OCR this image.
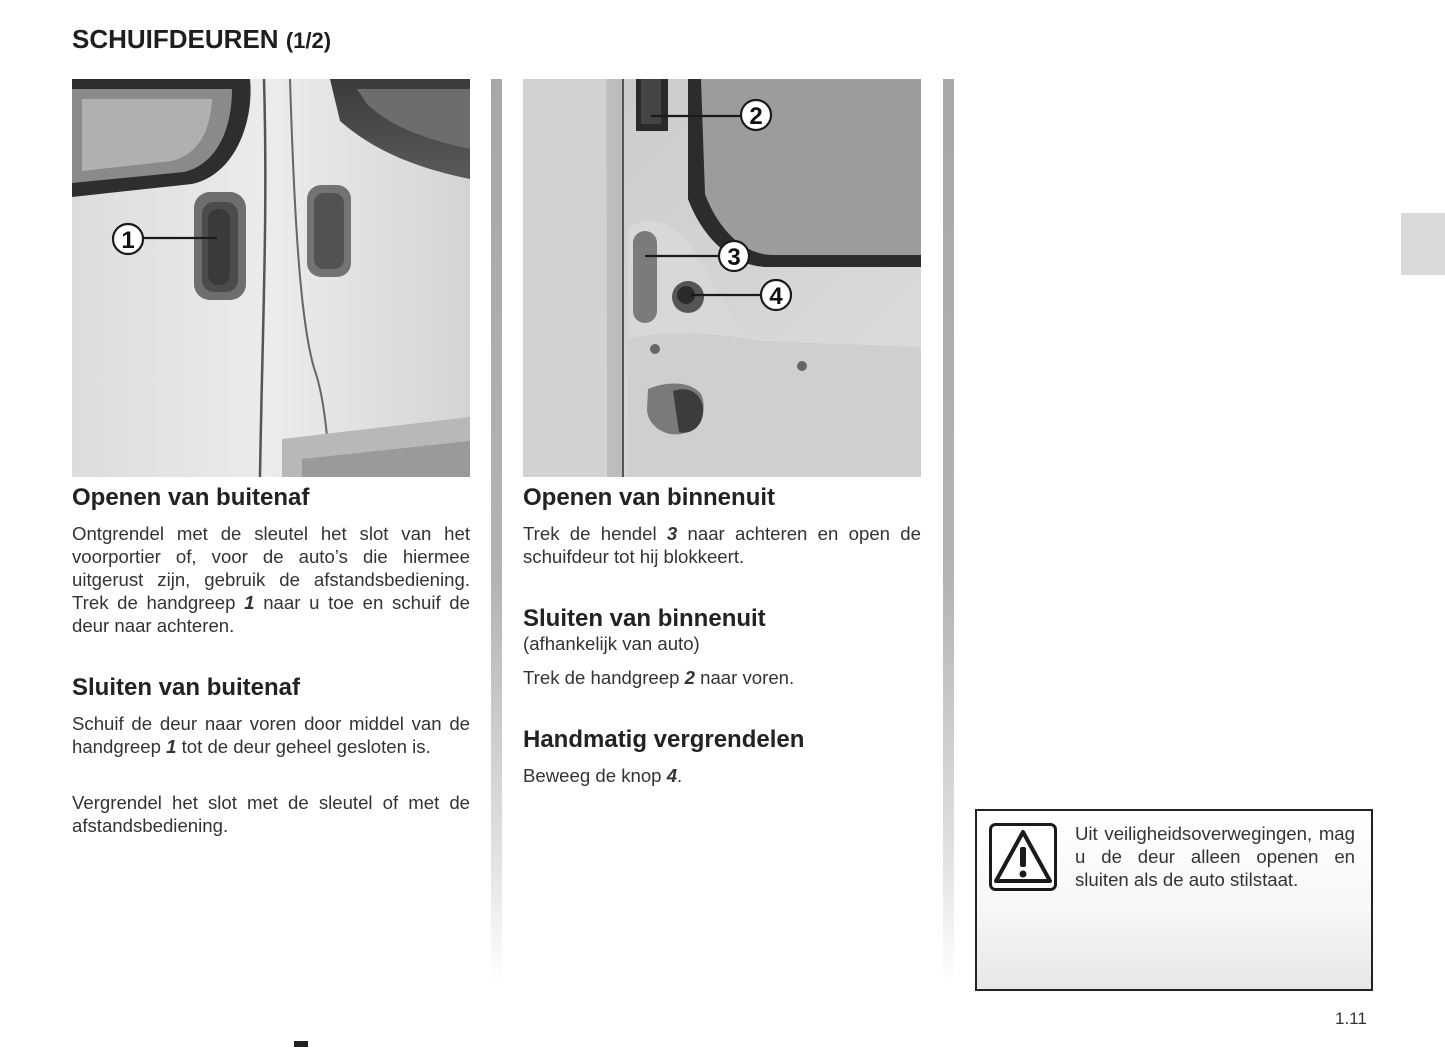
SCHUIFDEUREN (1/2)
1
2
3
4
Openen van buitenaf
Ontgrendel met de sleutel het slot van het voorportier of, voor de auto’s die hiermee uitgerust zijn, gebruik de afstandsbediening. Trek de handgreep 1 naar u toe en schuif de deur naar achteren.
Sluiten van buitenaf
Schuif de deur naar voren door middel van de handgreep 1 tot de deur geheel gesloten is.
Vergrendel het slot met de sleutel of met de afstandsbediening.
Openen van binnenuit
Trek de hendel 3 naar achteren en open de schuifdeur tot hij blokkeert.
Sluiten van binnenuit
(afhankelijk van auto)
Trek de handgreep 2 naar voren.
Handmatig vergrendelen
Beweeg de knop 4.
Uit veiligheidsoverwegingen, mag u de deur alleen openen en sluiten als de auto stilstaat.
1.11
